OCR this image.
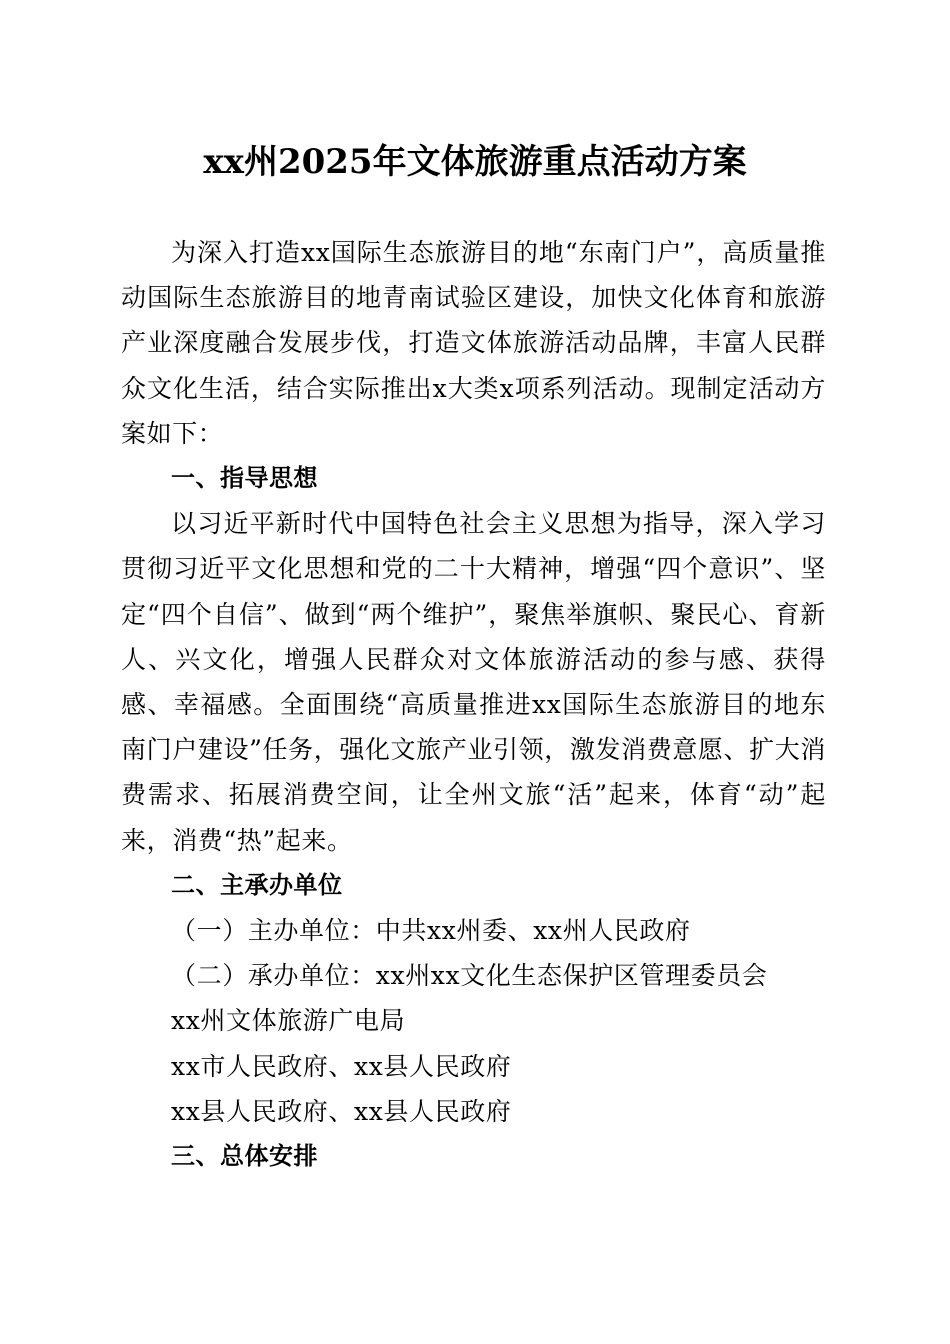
xx州2025年文体旅游重点活动方案

为深入打造xx国际生态旅游目的地“东南门户”，高质量推动国际生态旅游目的地青南试验区建设，加快文化体育和旅游产业深度融合发展步伐，打造文体旅游活动品牌，丰富人民群众文化生活，结合实际推出x大类x项系列活动。现制定活动方案如下：

一、指导思想

以习近平新时代中国特色社会主义思想为指导，深入学习贯彻习近平文化思想和党的二十大精神，增强“四个意识”、坚定“四个自信”、做到“两个维护”，聚焦举旗帜、聚民心、育新人、兴文化，增强人民群众对文体旅游活动的参与感、获得感、幸福感。全面围绕“高质量推进xx国际生态旅游目的地东南门户建设”任务，强化文旅产业引领，激发消费意愿、扩大消费需求、拓展消费空间，让全州文旅“活”起来，体育“动”起来，消费“热”起来。

二、主承办单位

（一）主办单位：中共xx州委、xx州人民政府

（二）承办单位：xx州xx文化生态保护区管理委员会

xx州文体旅游广电局

xx市人民政府、xx县人民政府

xx县人民政府、xx县人民政府

三、总体安排
